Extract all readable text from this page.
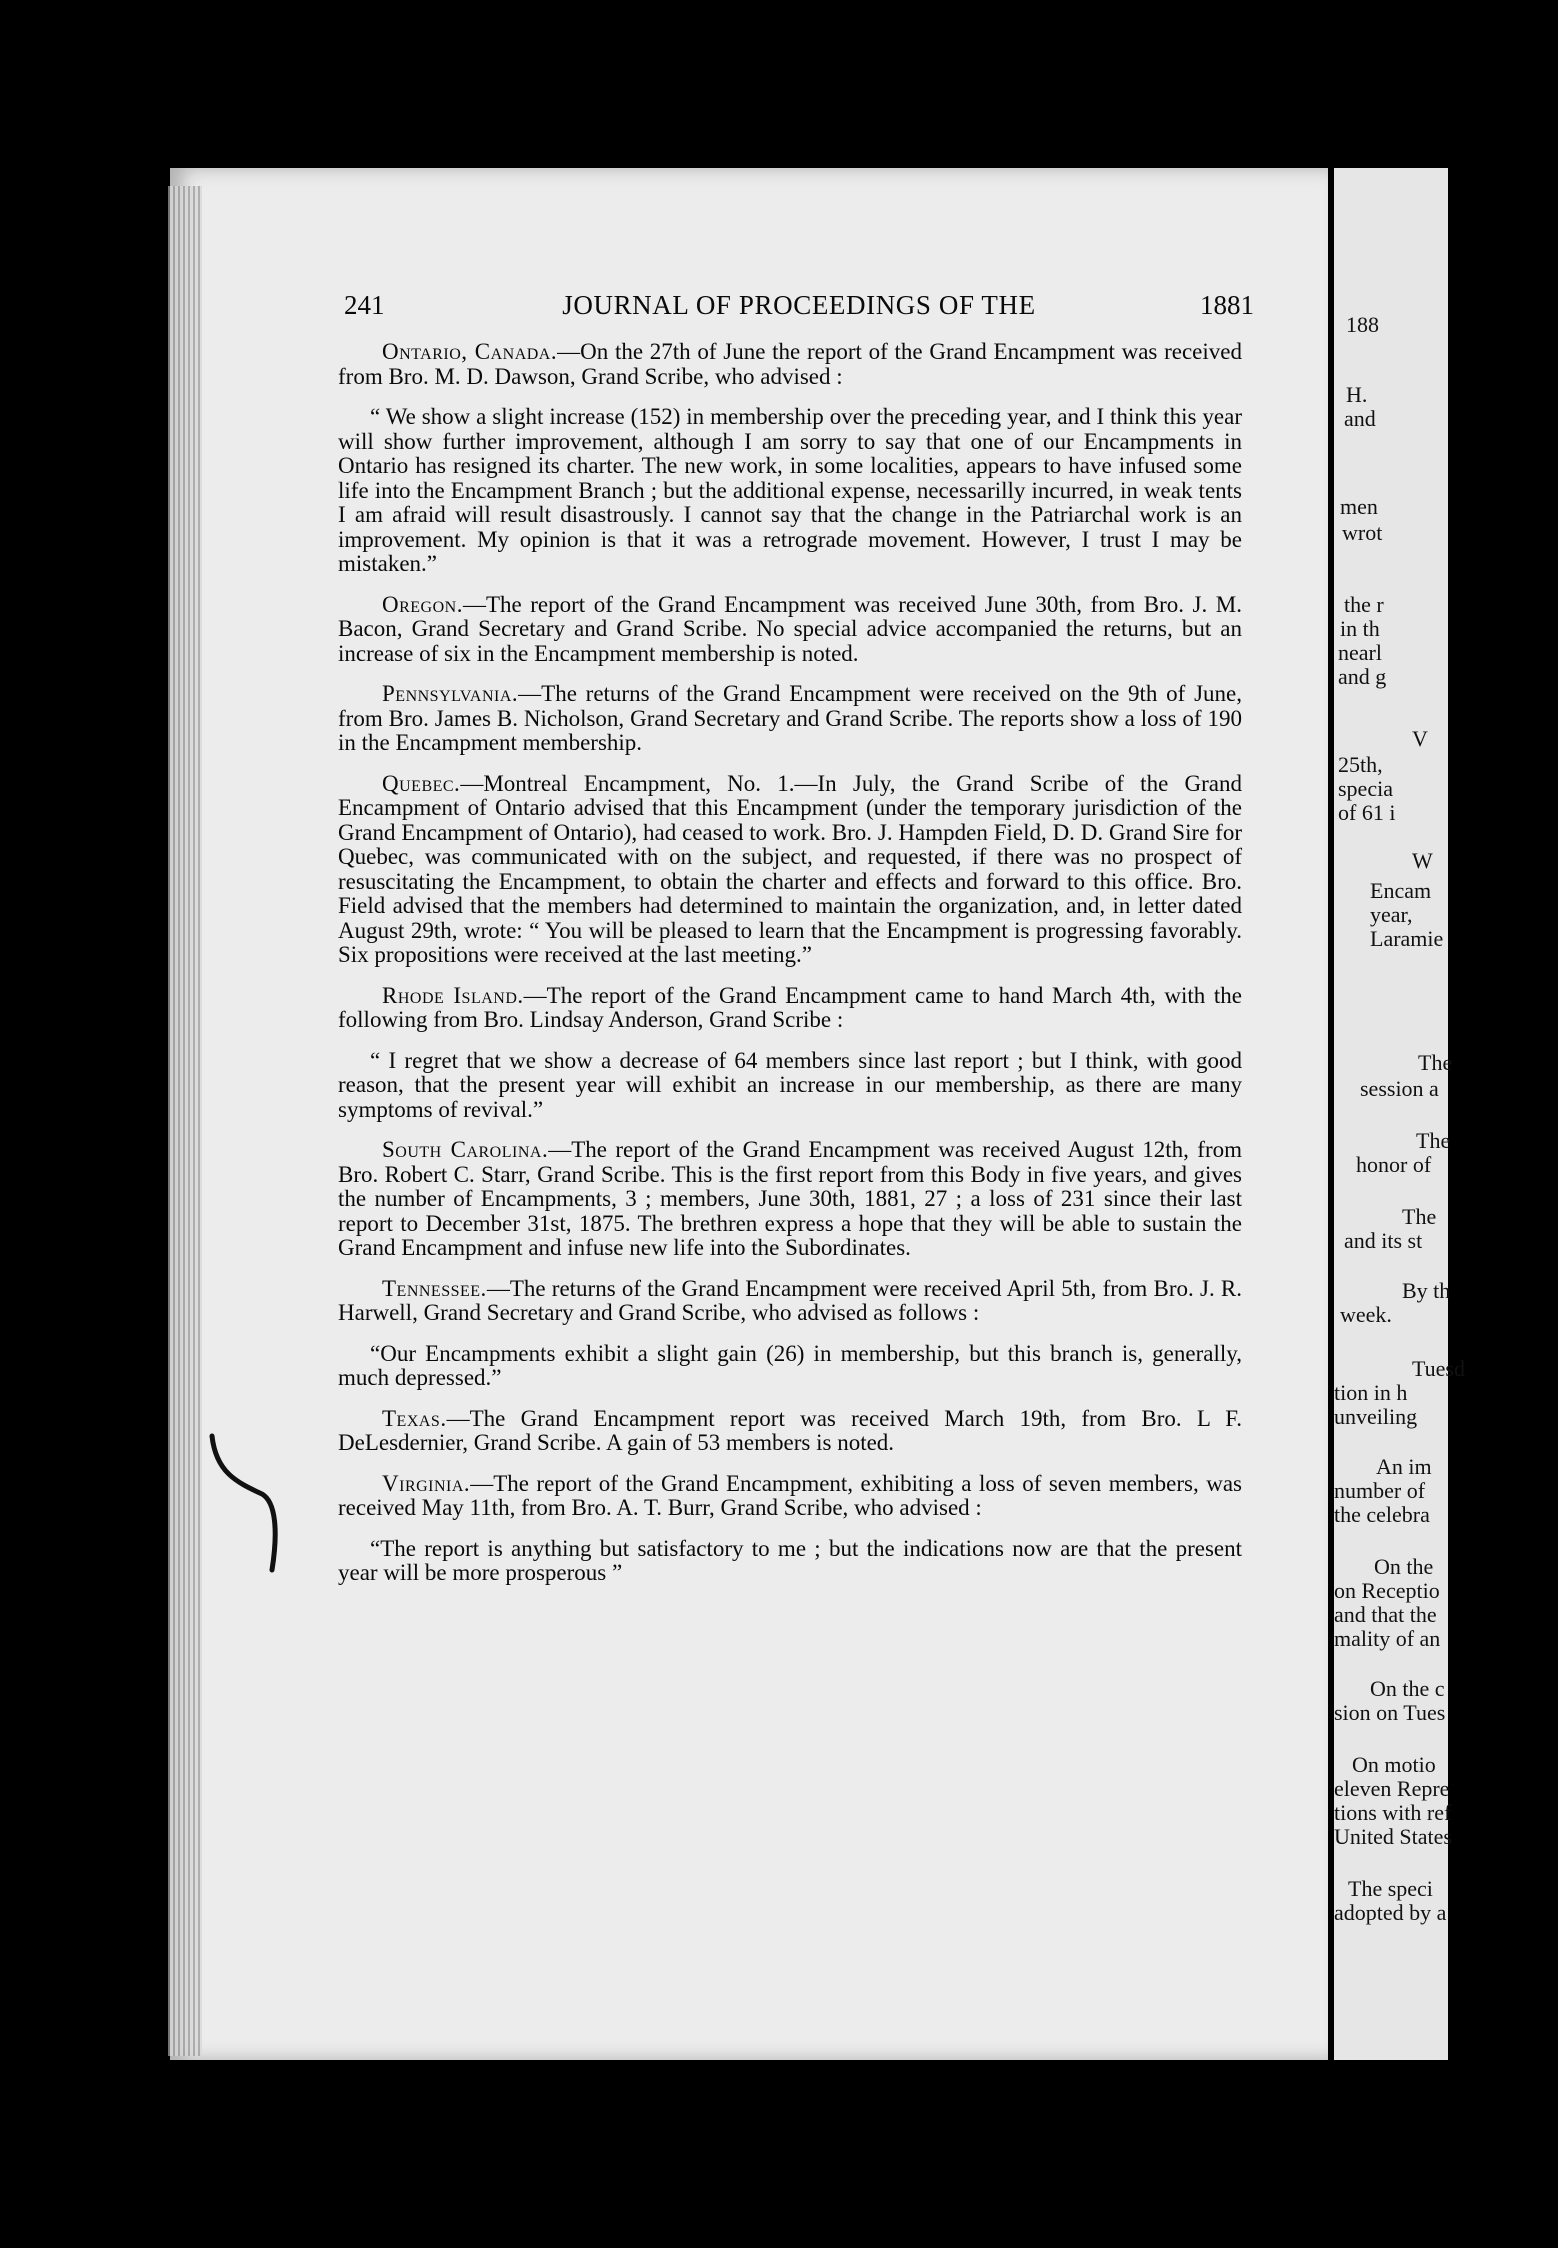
188
H.
and
men
wrot
the r
in th
nearl
and g
V
25th,
specia
of 61 i
W
Encam
year,
Laramie
The
session a
The
honor of
The
and its st
By th
week.
Tuesd
tion in h
unveiling
An im
number of
the celebra
On the
on Receptio
and that the
mality of an
On the c
sion on Tues
On motio
eleven Repre
tions with ref
United States
The speci
adopted by a
241	JOURNAL OF PROCEEDINGS OF THE	1881

Ontario, Canada.—On the 27th of June the report of the Grand Encampment was received from Bro. M. D. Dawson, Grand Scribe, who advised :

“ We show a slight increase (152) in membership over the preceding year, and I think this year will show further improvement, although I am sorry to say that one of our Encampments in Ontario has resigned its charter. The new work, in some localities, appears to have infused some life into the Encampment Branch ; but the additional expense, necessarilly incurred, in weak tents I am afraid will result disastrously. I cannot say that the change in the Patriarchal work is an improvement. My opinion is that it was a retrograde movement. However, I trust I may be mistaken.”

Oregon.—The report of the Grand Encampment was received June 30th, from Bro. J. M. Bacon, Grand Secretary and Grand Scribe. No special advice accompanied the returns, but an increase of six in the Encampment membership is noted.

Pennsylvania.—The returns of the Grand Encampment were received on the 9th of June, from Bro. James B. Nicholson, Grand Secretary and Grand Scribe. The reports show a loss of 190 in the Encampment membership.

Quebec.—Montreal Encampment, No. 1.—In July, the Grand Scribe of the Grand Encampment of Ontario advised that this Encampment (under the temporary jurisdiction of the Grand Encampment of Ontario), had ceased to work. Bro. J. Hampden Field, D. D. Grand Sire for Quebec, was communicated with on the subject, and requested, if there was no prospect of resuscitating the Encampment, to obtain the charter and effects and forward to this office. Bro. Field advised that the members had determined to maintain the organization, and, in letter dated August 29th, wrote: “ You will be pleased to learn that the Encampment is progressing favorably. Six propositions were received at the last meeting.”

Rhode Island.—The report of the Grand Encampment came to hand March 4th, with the following from Bro. Lindsay Anderson, Grand Scribe :

“ I regret that we show a decrease of 64 members since last report ; but I think, with good reason, that the present year will exhibit an increase in our membership, as there are many symptoms of revival.”

South Carolina.—The report of the Grand Encampment was received August 12th, from Bro. Robert C. Starr, Grand Scribe. This is the first report from this Body in five years, and gives the number of Encampments, 3 ; members, June 30th, 1881, 27 ; a loss of 231 since their last report to December 31st, 1875. The brethren express a hope that they will be able to sustain the Grand Encampment and infuse new life into the Subordinates.

Tennessee.—The returns of the Grand Encampment were received April 5th, from Bro. J. R. Harwell, Grand Secretary and Grand Scribe, who advised as follows :

“Our Encampments exhibit a slight gain (26) in membership, but this branch is, generally, much depressed.”

Texas.—The Grand Encampment report was received March 19th, from Bro. L F. DeLesdernier, Grand Scribe. A gain of 53 members is noted.

Virginia.—The report of the Grand Encampment, exhibiting a loss of seven members, was received May 11th, from Bro. A. T. Burr, Grand Scribe, who advised :

“The report is anything but satisfactory to me ; but the indications now are that the present year will be more prosperous ”
